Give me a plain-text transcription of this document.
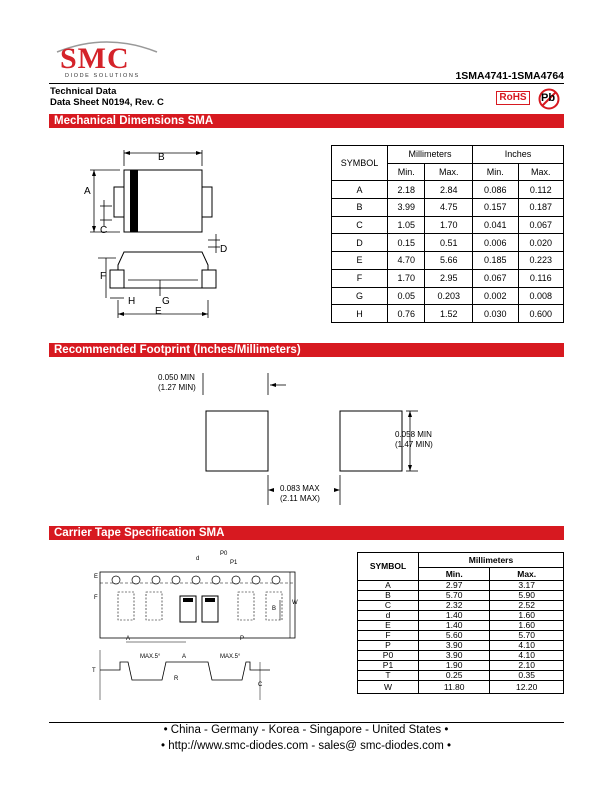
SMC
DIODE SOLUTIONS	1SMA4741-1SMA4764
Technical Data
Data Sheet N0194, Rev. C	RoHS Pb
Mechanical Dimensions SMA
B
A
C
D
F
H	G
E
SYMBOL	Millimeters		Inches	
	Min.	Max.	Min.	Max.
A	2.18	2.84	0.086	0.112
B	3.99	4.75	0.157	0.187
C	1.05	1.70	0.041	0.067
D	0.15	0.51	0.006	0.020
E	4.70	5.66	0.185	0.223
F	1.70	2.95	0.067	0.116
G	0.05	0.203	0.002	0.008
H	0.76	1.52	0.030	0.600
Recommended Footprint (Inches/Millimeters)
0.050 MIN
(1.27 MIN)
0.058 MIN
(1.47 MIN)
0.083 MAX
(2.11 MAX)
Carrier Tape Specification SMA
P0
P1
d
E
F
W
B
A	P
T
MAX.5°	A	MAX.5°
R
C
SYMBOL	Millimeters	
	Min.	Max.
A	2.97	3.17
B	5.70	5.90
C	2.32	2.52
d	1.40	1.60
E	1.40	1.60
F	5.60	5.70
P	3.90	4.10
P0	3.90	4.10
P1	1.90	2.10
T	0.25	0.35
W	11.80	12.20
• China - Germany - Korea - Singapore - United States •
• http://www.smc-diodes.com - sales@ smc-diodes.com •
